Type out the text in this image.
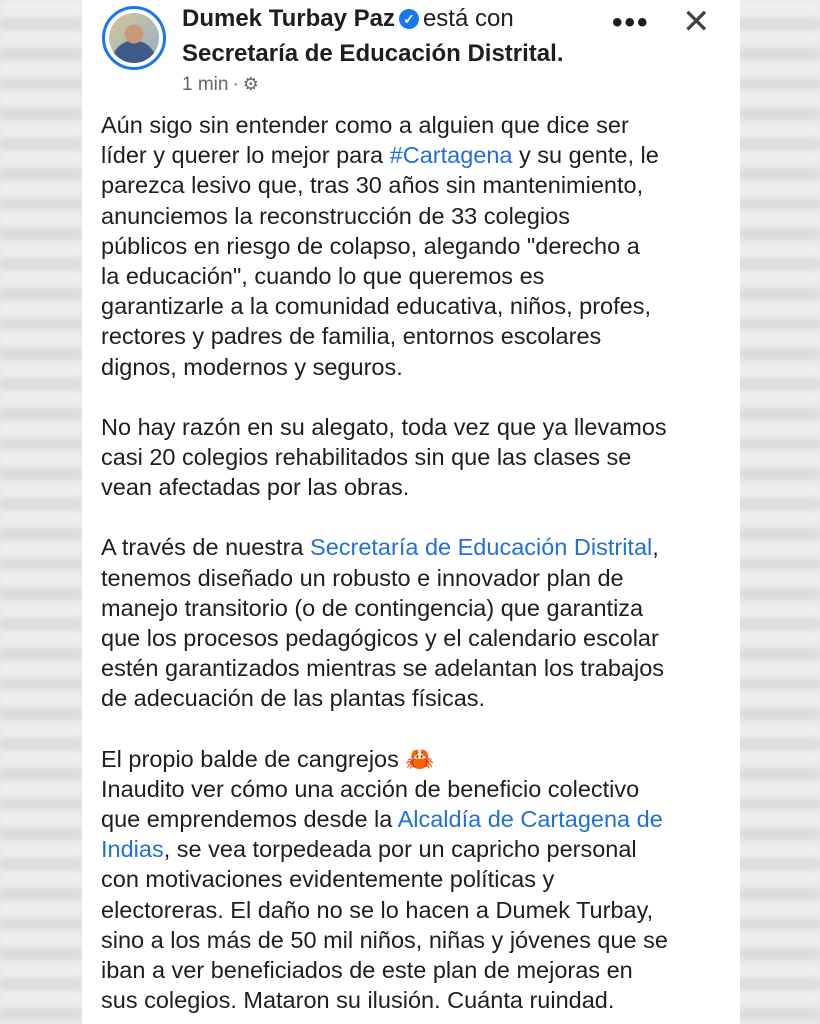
Dumek Turbay Paz ✓ está con
Secretaría de Educación Distrital.
1 min · ⚙
••• ✕

Aún sigo sin entender como a alguien que dice ser

líder y querer lo mejor para #Cartagena y su gente, le

parezca lesivo que, tras 30 años sin mantenimiento,

anunciemos la reconstrucción de 33 colegios

públicos en riesgo de colapso, alegando "derecho a

la educación", cuando lo que queremos es

garantizarle a la comunidad educativa, niños, profes,

rectores y padres de familia, entornos escolares

dignos, modernos y seguros.

No hay razón en su alegato, toda vez que ya llevamos

casi 20 colegios rehabilitados sin que las clases se

vean afectadas por las obras.

A través de nuestra Secretaría de Educación Distrital,

tenemos diseñado un robusto e innovador plan de

manejo transitorio (o de contingencia) que garantiza

que los procesos pedagógicos y el calendario escolar

estén garantizados mientras se adelantan los trabajos

de adecuación de las plantas físicas.

El propio balde de cangrejos 🦀

Inaudito ver cómo una acción de beneficio colectivo

que emprendemos desde la Alcaldía de Cartagena de

Indias, se vea torpedeada por un capricho personal

con motivaciones evidentemente políticas y

electoreras. El daño no se lo hacen a Dumek Turbay,

sino a los más de 50 mil niños, niñas y jóvenes que se

iban a ver beneficiados de este plan de mejoras en

sus colegios. Mataron su ilusión. Cuánta ruindad.
